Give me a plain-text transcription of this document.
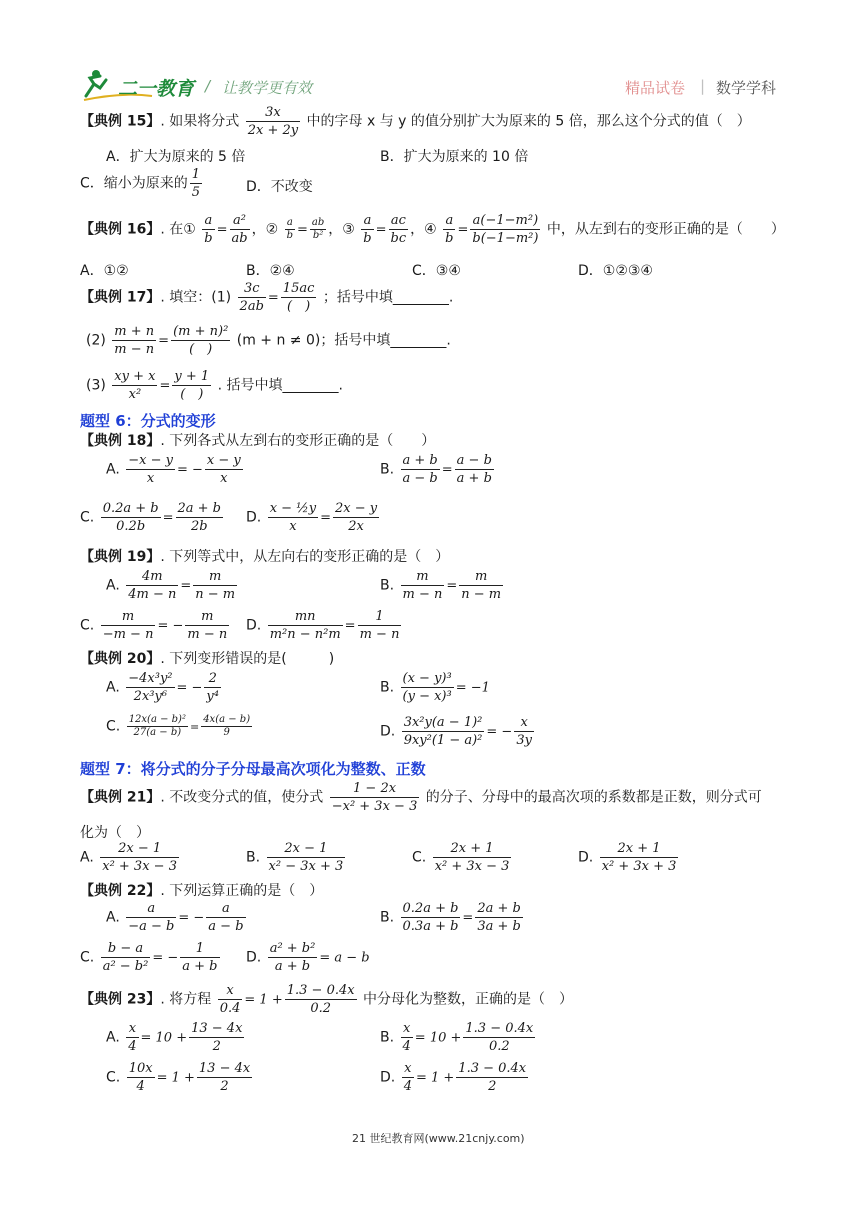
二一教育 / 让教学更有效	精品试卷 | 数学学科
【典例 15】. 如果将分式 $\frac{3x}{2x + 2y}$ 中的字母 x 与 y 的值分别扩大为原来的 5 倍，那么这个分式的值（　）
A．扩大为原来的 5 倍	B．扩大为原来的 10 倍
C．缩小为原来的 $\frac{1}{5}$	D．不改变
【典例 16】. 在① $\frac{a}{b} = \frac{\text{a²}}{ab}$ ，② $\frac{a}{b} = \frac{ab}{\text{b²}}$ ，③ $\frac{a}{b} = \frac{ac}{bc}$ ，④ $\frac{a}{b} = \frac{\text{a(−1−m²)}}{\text{b(−1−m²)}}$ 中，从左到右的变形正确的是（　　）
A．①②	B．②④	C．③④	D．①②③④
【典例 17】. 填空：$(1) \frac{3c}{2ab} = \frac{15ac}{( )}$ ；括号中填________.
$(2) \frac{m + n}{m - n} = \frac{\text{(m + n)²}}{( )} (m + n \ne 0)$；括号中填________.
$(3) \frac{xy + x}{\text{x²}} = \frac{y + 1}{( )}$ . 括号中填________.
题型 6：分式的变形
【典例 18】. 下列各式从左到右的变形正确的是（　　）
A. $\frac{-x - y}{x}$ = − $\frac{x - y}{x}$	B. $\frac{a + b}{a - b} = \frac{a - b}{a + b}$
C. $\frac{0.2a + b}{0.2b} = \frac{2a + b}{2b} D$. $\frac{\text{x − ½y}}{x} = \frac{2x - y}{2x}$
【典例 19】. 下列等式中，从左向右的变形正确的是（　）
A. $\frac{4m}{4m - n} = \frac{m}{n - m}$	B. $\frac{m}{m - n} = \frac{m}{n - m}$
C. $\frac{m}{-m - n}$ = − $\frac{m}{m - n} D$. $\frac{mn}{\text{m²n − n²m}} = \frac{1}{m - n}$
【典例 20】. 下列变形错误的是(　　　)
A. $\frac{\text{−4x³y²}}{\text{2x³y⁶}}$ = − $\frac{2}{\text{y⁴}}$	B. $\frac{\text{(x − y)³}}{\text{(y − x)³}} = -1$
C. $\frac{\text{12x(a − b)²}}{27(a - b)} = \frac{4x(a - b)}{9}$	D. $\frac{\text{3x²y(a − 1)²}}{\text{9xy²(1 − a)²}}$ = − $\frac{x}{3y}$
题型 7：将分式的分子分母最高次项化为整数、正数
【典例 21】. 不改变分式的值，使分式 $\frac{1 - 2x}{\text{−x² + 3x − 3}}$ 的分子、分母中的最高次项的系数都是正数，则分式可
化为（　）
A. $\frac{2x - 1}{\text{x² + 3x − 3}}$	B. $\frac{2x - 1}{\text{x² − 3x + 3}}$	C. $\frac{2x + 1}{\text{x² + 3x − 3}}$	D. $\frac{2x + 1}{\text{x² + 3x + 3}}$
【典例 22】. 下列运算正确的是（　）
A. $\frac{a}{-a - b}$ = − $\frac{a}{a - b}$	B. $\frac{0.2a + b}{0.3a + b} = \frac{2a + b}{3a + b}$
C. $\frac{b - a}{\text{a² − b²}}$ = − $\frac{1}{a + b} D$. $\frac{\text{a² + b²}}{a + b} = a - b$
【典例 23】. 将方程 $\frac{x}{0.4} = 1 + \frac{1.3 - 0.4x}{0.2}$ 中分母化为整数，正确的是（　）
A. $\frac{x}{4} = 10 + \frac{13 - 4x}{2}$	B. $\frac{x}{4} = 10 + \frac{1.3 - 0.4x}{0.2}$
C. $\frac{10x}{4} = 1 + \frac{13 - 4x}{2}$	D. $\frac{x}{4} = 1 + \frac{1.3 - 0.4x}{2}$
21 世纪教育网(www.21cnjy.com)
